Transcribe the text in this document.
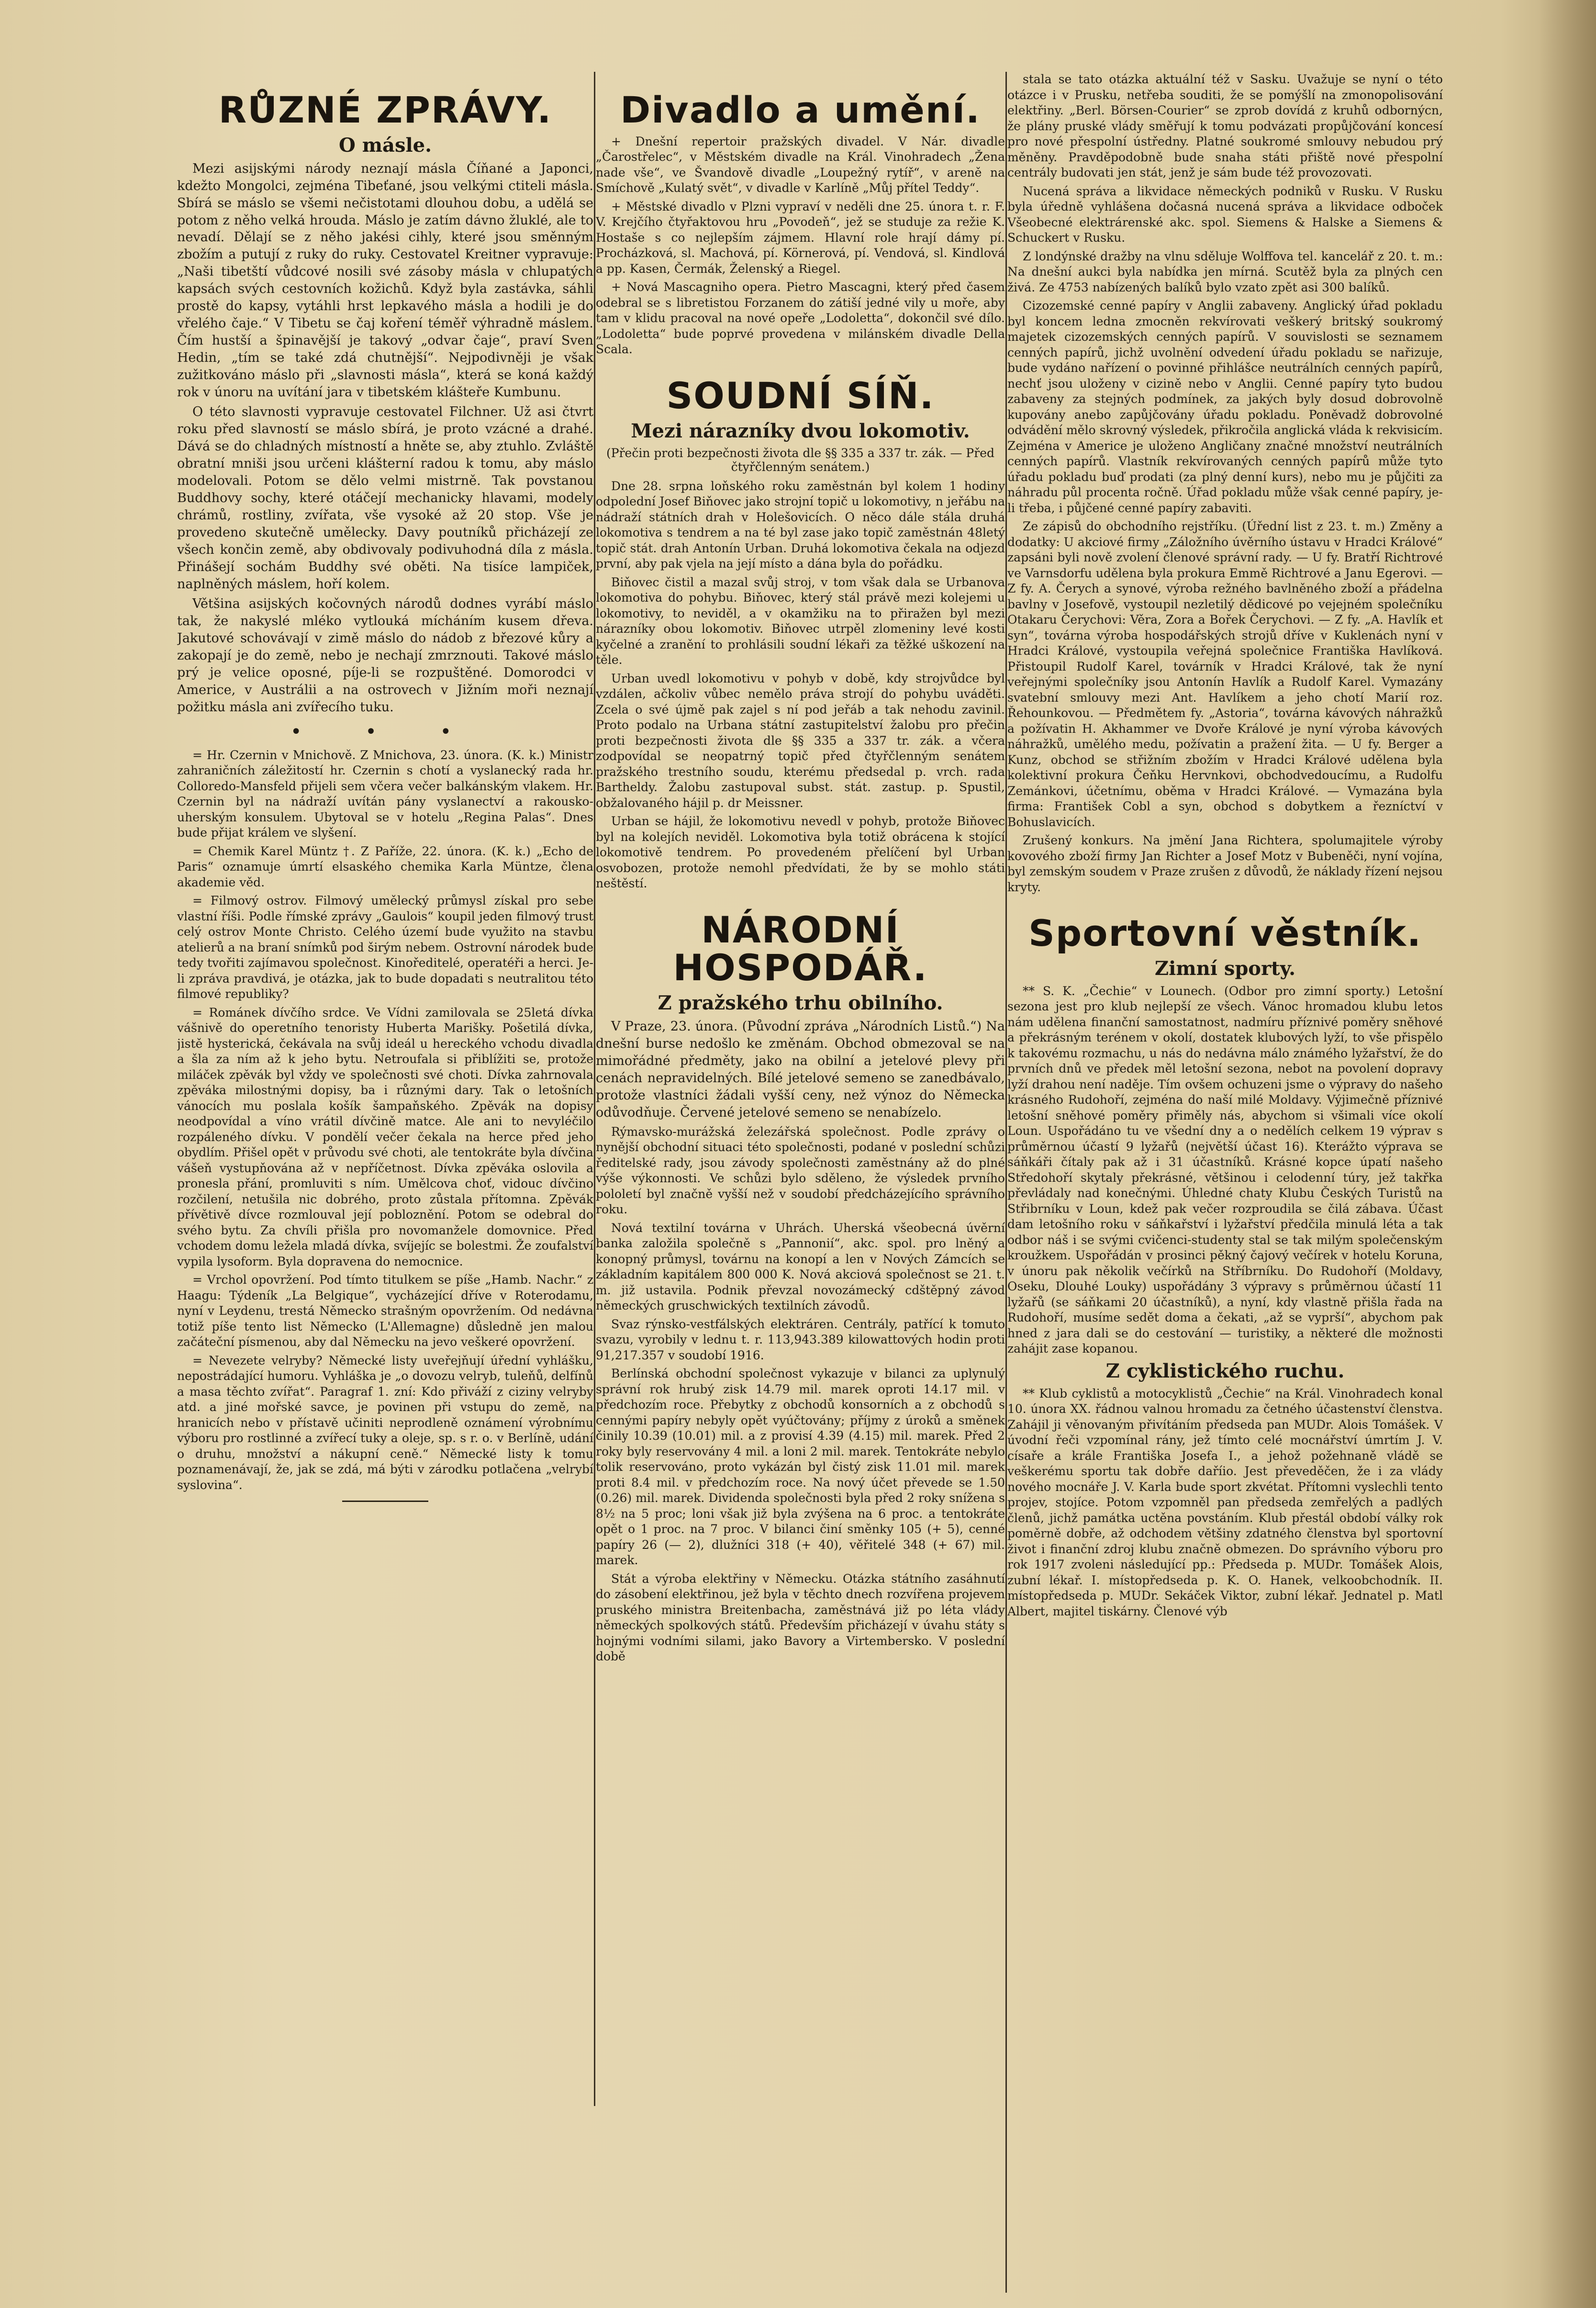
RŮZNÉ ZPRÁVY.
O másle.

Mezi asijskými národy neznají másla Číňané a Japonci, kdežto Mongolci, zejména Tibeťané, jsou velkými ctiteli másla. Sbírá se máslo se všemi nečistotami dlouhou dobu, a udělá se potom z něho velká hrouda. Máslo je zatím dávno žluklé, ale to nevadí. Dělají se z něho jakési cihly, které jsou směnným zbožím a putují z ruky do ruky. Cestovatel Kreitner vypravuje: „Naši tibetští vůdcové nosili své zásoby másla v chlupatých kapsách svých cestovních kožichů. Když byla zastávka, sáhli prostě do kapsy, vytáhli hrst lepkavého másla a hodili je do vřelého čaje.“ V Tibetu se čaj koření téměř výhradně máslem. Čím hustší a špinavější je takový „odvar čaje“, praví Sven Hedin, „tím se také zdá chutnější“. Nejpodivněji je však zužitkováno máslo při „slavnosti másla“, která se koná každý rok v únoru na uvítání jara v tibetském klášteře Kumbunu.

O této slavnosti vypravuje cestovatel Filchner. Už asi čtvrt roku před slavností se máslo sbírá, je proto vzácné a drahé. Dává se do chladných místností a hněte se, aby ztuhlo. Zvláště obratní mniši jsou určeni klášterní radou k tomu, aby máslo modelovali. Potom se dělo velmi mistrně. Tak povstanou Buddhovy sochy, které otáčejí mechanicky hlavami, modely chrámů, rostliny, zvířata, vše vysoké až 20 stop. Vše je provedeno skutečně umělecky. Davy poutníků přicházejí ze všech končin země, aby obdivovaly podivuhodná díla z másla. Přinášejí sochám Buddhy své oběti. Na tisíce lampiček, naplněných máslem, hoří kolem.

Většina asijských kočovných národů dodnes vyrábí máslo tak, že nakyslé mléko vytlouká mícháním kusem dřeva. Jakutové schovávají v zimě máslo do nádob z březové kůry a zakopají je do země, nebo je nechají zmrznouti. Takové máslo prý je velice oposné, píje-li se rozpuštěné. Domorodci v Americe, v Austrálii a na ostrovech v Jižním moři neznají požitku másla ani zvířecího tuku.

• • •

= Hr. Czernin v Mnichově. Z Mnichova, 23. února. (K. k.) Ministr zahraničních záležitostí hr. Czernin s chotí a vyslanecký rada hr. Colloredo-Mansfeld přijeli sem včera večer balkánským vlakem. Hr. Czernin byl na nádraží uvítán pány vyslanectví a rakousko-uherským konsulem. Ubytoval se v hotelu „Regina Palas“. Dnes bude přijat králem ve slyšení.

= Chemik Karel Müntz †. Z Paříže, 22. února. (K. k.) „Echo de Paris“ oznamuje úmrtí elsaského chemika Karla Müntze, člena akademie věd.

= Filmový ostrov. Filmový umělecký průmysl získal pro sebe vlastní říši. Podle římské zprávy „Gaulois“ koupil jeden filmový trust celý ostrov Monte Christo. Celého území bude využito na stavbu atelierů a na braní snímků pod širým nebem. Ostrovní národek bude tedy tvořiti zajímavou společnost. Kinoředitelé, operatéři a herci. Je-li zpráva pravdivá, je otázka, jak to bude dopadati s neutralitou této filmové republiky?

= Románek dívčího srdce. Ve Vídni zamilovala se 25letá dívka vášnivě do operetního tenoristy Huberta Marišky. Pošetilá dívka, jistě hysterická, čekávala na svůj ideál u hereckého vchodu divadla a šla za ním až k jeho bytu. Netroufala si přiblížiti se, protože miláček zpěvák byl vždy ve společnosti své choti. Dívka zahrnovala zpěváka milostnými dopisy, ba i různými dary. Tak o letošních vánocích mu poslala košík šampaňského. Zpěvák na dopisy neodpovídal a víno vrátil dívčině matce. Ale ani to nevyléčilo rozpáleného dívku. V pondělí večer čekala na herce před jeho obydlím. Přišel opět v průvodu své choti, ale tentokráte byla dívčina vášeň vystupňována až v nepříčetnost. Dívka zpěváka oslovila a pronesla přání, promluviti s ním. Umělcova choť, vidouc dívčino rozčilení, netušila nic dobrého, proto zůstala přítomna. Zpěvák přívětivě dívce rozmlouval její pobloznění. Potom se odebral do svého bytu. Za chvíli přišla pro novomanžele domovnice. Před vchodem domu ležela mladá dívka, svíjejíc se bolestmi. Že zoufalství vypila lysoform. Byla dopravena do nemocnice.

= Vrchol opovržení. Pod tímto titulkem se píše „Hamb. Nachr.“ z Haagu: Týdeník „La Belgique“, vycházející dříve v Roterodamu, nyní v Leydenu, trestá Německo strašným opovržením. Od nedávna totiž píše tento list Německo (L'Allemagne) důsledně jen malou začáteční písmenou, aby dal Německu na jevo veškeré opovržení.

= Nevezete velryby? Německé listy uveřejňují úřední vyhlášku, nepostrádající humoru. Vyhláška je „o dovozu velryb, tuleňů, delfínů a masa těchto zvířat“. Paragraf 1. zní: Kdo přiváží z ciziny velryby atd. a jiné mořské savce, je povinen při vstupu do země, na hranicích nebo v přístavě učiniti neprodleně oznámení výrobnímu výboru pro rostlinné a zvířecí tuky a oleje, sp. s r. o. v Berlíně, udání o druhu, množství a nákupní ceně.“ Německé listy k tomu poznamenávají, že, jak se zdá, má býti v zárodku potlačena „velrybí syslovina“.

Divadlo a umění.

+ Dnešní repertoir pražských divadel. V Nár. divadle „Čarostřelec“, v Městském divadle na Král. Vinohradech „Žena nade vše“, ve Švandově divadle „Loupežný rytíř“, v areně na Smíchově „Kulatý svět“, v divadle v Karlíně „Můj přítel Teddy“.

+ Městské divadlo v Plzni vypraví v neděli dne 25. února t. r. F. V. Krejčího čtyřaktovou hru „Povodeň“, jež se studuje za režie K. Hostaše s co nejlepším zájmem. Hlavní role hrají dámy pí. Procházková, sl. Machová, pí. Körnerová, pí. Vendová, sl. Kindlová a pp. Kasen, Čermák, Želenský a Riegel.

+ Nová Mascagniho opera. Pietro Mascagni, který před časem odebral se s libretistou Forzanem do zátiší jedné vily u moře, aby tam v klidu pracoval na nové opeře „Lodoletta“, dokončil své dílo. „Lodoletta“ bude poprvé provedena v milánském divadle Della Scala.

SOUDNÍ SÍŇ.
Mezi nárazníky dvou lokomotiv.
(Přečin proti bezpečnosti života dle §§ 335 a 337 tr. zák. — Před čtyřčlenným senátem.)

Dne 28. srpna loňského roku zaměstnán byl kolem 1 hodiny odpolední Josef Biňovec jako strojní topič u lokomotivy, n jeřábu na nádraží státních drah v Holešovicích. O něco dále stála druhá lokomotiva s tendrem a na té byl zase jako topič zaměstnán 48letý topič stát. drah Antonín Urban. Druhá lokomotiva čekala na odjezd první, aby pak vjela na její místo a dána byla do pořádku.

Biňovec čistil a mazal svůj stroj, v tom však dala se Urbanova lokomotiva do pohybu. Biňovec, který stál právě mezi kolejemi u lokomotivy, to neviděl, a v okamžiku na to přiražen byl mezi nárazníky obou lokomotiv. Biňovec utrpěl zlomeniny levé kosti kyčelné a zranění to prohlásili soudní lékaři za těžké uškození na těle.

Urban uvedl lokomotivu v pohyb v době, kdy strojvůdce byl vzdálen, ačkoliv vůbec nemělo práva strojí do pohybu uváděti. Zcela o své újmě pak zajel s ní pod jeřáb a tak nehodu zavinil. Proto podalo na Urbana státní zastupitelství žalobu pro přečin proti bezpečnosti života dle §§ 335 a 337 tr. zák. a včera zodpovídal se neopatrný topič před čtyřčlenným senátem pražského trestního soudu, kterému předsedal p. vrch. rada Bartheldy. Žalobu zastupoval subst. stát. zastup. p. Spustil, obžalovaného hájil p. dr Meissner.

Urban se hájil, že lokomotivu nevedl v pohyb, protože Biňovec byl na kolejích neviděl. Lokomotiva byla totiž obrácena k stojící lokomotivě tendrem. Po provedeném přelíčení byl Urban osvobozen, protože nemohl předvídati, že by se mohlo státi neštěstí.

NÁRODNÍ HOSPODÁŘ.
Z pražského trhu obilního.

V Praze, 23. února. (Původní zpráva „Národních Listů.“) Na dnešní burse nedošlo ke změnám. Obchod obmezoval se na mimořádné předměty, jako na obilní a jetelové plevy při cenách nepravidelných. Bílé jetelové semeno se zanedbávalo, protože vlastníci žádali vyšší ceny, než výnoz do Německa odůvodňuje. Červené jetelové semeno se nenabízelo.

Rýmavsko-murážská železářská společnost. Podle zprávy o nynější obchodní situaci této společnosti, podané v poslední schůzi ředitelské rady, jsou závody společnosti zaměstnány až do plné výše výkonnosti. Ve schůzi bylo sděleno, že výsledek prvního pololetí byl značně vyšší než v soudobí předcházejícího správního roku.

Nová textilní továrna v Uhrách. Uherská všeobecná úvěrní banka založila společně s „Pannonií“, akc. spol. pro lněný a konopný průmysl, továrnu na konopí a len v Nových Zámcích se základním kapitálem 800 000 K. Nová akciová společnost se 21. t. m. již ustavila. Podnik převzal novozámecký cdštěpný závod německých gruschwických textilních závodů.

Svaz rýnsko-vestfálských elektráren. Centrály, patřící k tomuto svazu, vyrobily v lednu t. r. 113,943.389 kilowattových hodin proti 91,217.357 v soudobí 1916.

Berlínská obchodní společnost vykazuje v bilanci za uplynulý správní rok hrubý zisk 14.79 mil. marek oproti 14.17 mil. v předchozím roce. Přebytky z obchodů konsorních a z obchodů s cennými papíry nebyly opět vyúčtovány; příjmy z úroků a směnek činily 10.39 (10.01) mil. a z provisí 4.39 (4.15) mil. marek. Před 2 roky byly reservovány 4 mil. a loni 2 mil. marek. Tentokráte nebylo tolik reservováno, proto vykázán byl čistý zisk 11.01 mil. marek proti 8.4 mil. v předchozím roce. Na nový účet převede se 1.50 (0.26) mil. marek. Dividenda společnosti byla před 2 roky snížena s 8½ na 5 proc; loni však již byla zvýšena na 6 proc. a tentokráte opět o 1 proc. na 7 proc. V bilanci činí směnky 105 (+ 5), cenné papíry 26 (— 2), dlužníci 318 (+ 40), věřitelé 348 (+ 67) mil. marek.

Stát a výroba elektřiny v Německu. Otázka státního zasáhnutí do zásobení elektřinou, jež byla v těchto dnech rozvířena projevem pruského ministra Breitenbacha, zaměstnává již po léta vlády německých spolkových států. Především přicházejí v úvahu státy s hojnými vodními silami, jako Bavory a Virtembersko. V poslední době

stala se tato otázka aktuální též v Sasku. Uvažuje se nyní o této otázce i v Prusku, netřeba souditi, že se pomýšlí na zmonopolisování elektřiny. „Berl. Börsen-Courier“ se zprob dovídá z kruhů odbornýcn, že plány pruské vlády směřují k tomu podvázati propůjčování koncesí pro nové přespolní ústředny. Platné soukromé smlouvy nebudou prý měněny. Pravděpodobně bude snaha státi přiště nové přespolní centrály budovati jen stát, jenž je sám bude též provozovati.

Nucená správa a likvidace německých podniků v Rusku. V Rusku byla úředně vyhlášena dočasná nucená správa a likvidace odboček Všeobecné elektrárenské akc. spol. Siemens & Halske a Siemens & Schuckert v Rusku.

Z londýnské dražby na vlnu sděluje Wolffova tel. kancelář z 20. t. m.: Na dnešní aukci byla nabídka jen mírná. Scutěž byla za plných cen živá. Ze 4753 nabízených balíků bylo vzato zpět asi 300 balíků.

Cizozemské cenné papíry v Anglii zabaveny. Anglický úřad pokladu byl koncem ledna zmocněn rekvírovati veškerý britský soukromý majetek cizozemských cenných papírů. V souvislosti se seznamem cenných papírů, jichž uvolnění odvedení úřadu pokladu se nařizuje, bude vydáno nařízení o povinné přihlášce neutrálních cenných papírů, nechť jsou uloženy v cizině nebo v Anglii. Cenné papíry tyto budou zabaveny za stejných podmínek, za jakých byly dosud dobrovolně kupovány anebo zapůjčovány úřadu pokladu. Poněvadž dobrovolné odvádění mělo skrovný výsledek, přikročila anglická vláda k rekvisicím. Zejména v Americe je uloženo Angličany značné množství neutrálních cenných papírů. Vlastník rekvírovaných cenných papírů může tyto úřadu pokladu buď prodati (za plný denní kurs), nebo mu je půjčiti za náhradu půl procenta ročně. Úřad pokladu může však cenné papíry, je-li třeba, i půjčené cenné papíry zabaviti.

Ze zápisů do obchodního rejstříku. (Úřední list z 23. t. m.) Změny a dodatky: U akciové firmy „Záložního úvěrního ústavu v Hradci Králové“ zapsáni byli nově zvolení členové správní rady. — U fy. Bratří Richtrové ve Varnsdorfu udělena byla prokura Emmě Richtrové a Janu Egerovi. — Z fy. A. Čerych a synové, výroba režného bavlněného zboží a přádelna bavlny v Josefově, vystoupil nezletilý dědicové po vejejném společníku Otakaru Čerychovi: Věra, Zora a Bořek Čerychovi. — Z fy. „A. Havlík et syn“, továrna výroba hospodářských strojů dříve v Kuklenách nyní v Hradci Králové, vystoupila veřejná společnice Františka Havlíková. Přistoupil Rudolf Karel, továrník v Hradci Králové, tak že nyní veřejnými společníky jsou Antonín Havlík a Rudolf Karel. Vymazány svatební smlouvy mezi Ant. Havlíkem a jeho chotí Marií roz. Řehounkovou. — Předmětem fy. „Astoria“, továrna kávových náhražků a požívatin H. Akhammer ve Dvoře Králové je nyní výroba kávových náhražků, umělého medu, požívatin a pražení žita. — U fy. Berger a Kunz, obchod se střižním zbožím v Hradci Králové udělena byla kolektivní prokura Čeňku Hervnkovi, obchodvedoucímu, a Rudolfu Zemánkovi, účetnímu, oběma v Hradci Králové. — Vymazána byla firma: František Cobl a syn, obchod s dobytkem a řezníctví v Bohuslavicích.

Zrušený konkurs. Na jmění Jana Richtera, spolumajitele výroby kovového zboží firmy Jan Richter a Josef Motz v Bubeněči, nyní vojína, byl zemským soudem v Praze zrušen z důvodů, že náklady řízení nejsou kryty.

Sportovní věstník.
Zimní sporty.

** S. K. „Čechie“ v Lounech. (Odbor pro zimní sporty.) Letošní sezona jest pro klub nejlepší ze všech. Vánoc hromadou klubu letos nám udělena finanční samostatnost, nadmíru příznivé poměry sněhové a překrásným terénem v okolí, dostatek klubových lyží, to vše přispělo k takovému rozmachu, u nás do nedávna málo známého lyžařství, že do prvních dnů ve předek měl letošní sezona, nebot na povolení dopravy lyží drahou není naděje. Tím ovšem ochuzeni jsme o výpravy do našeho krásného Rudohoří, zejména do naší milé Moldavy. Výjimečně příznivé letošní sněhové poměry přiměly nás, abychom si všimali více okolí Loun. Uspořádáno tu ve všední dny a o nedělích celkem 19 výprav s průměrnou účastí 9 lyžařů (největší účast 16). Kterážto výprava se sáňkáři čítaly pak až i 31 účastníků. Krásné kopce úpatí našeho Středohoří skytaly překrásné, většinou i celodenní túry, jež takřka převládaly nad konečnými. Úhledné chaty Klubu Českých Turistů na Střibrníku v Loun, kdež pak večer rozproudila se čilá zábava. Účast dam letošního roku v sáňkařství i lyžařství předčila minulá léta a tak odbor náš i se svými cvičenci-studenty stal se tak milým společenským kroužkem. Uspořádán v prosinci pěkný čajový večírek v hotelu Koruna, v únoru pak několik večírků na Stříbrníku. Do Rudohoří (Moldavy, Oseku, Dlouhé Louky) uspořádány 3 výpravy s průměrnou účastí 11 lyžařů (se sáňkami 20 účastníků), a nyní, kdy vlastně přišla řada na Rudohoří, musíme sedět doma a čekati, „až se vyprší“, abychom pak hned z jara dali se do cestování — turistiky, a některé dle možnosti zahájit zase kopanou.

Z cyklistického ruchu.

** Klub cyklistů a motocyklistů „Čechie“ na Král. Vinohradech konal 10. února XX. řádnou valnou hromadu za četného účastenství členstva. Zahájil ji věnovaným přivítáním předseda pan MUDr. Alois Tomášek. V úvodní řeči vzpomínal rány, jež tímto celé mocnářství úmrtím J. V. císaře a krále Františka Josefa I., a jehož požehnaně vládě se veškerému sportu tak dobře daříio. Jest převeděčen, že i za vlády nového mocnáře J. V. Karla bude sport zkvétat. Přítomni vyslechli tento projev, stojíce. Potom vzpomněl pan předseda zemřelých a padlých členů, jichž památka uctěna povstáním. Klub přestál období války rok poměrně dobře, až odchodem většiny zdatného členstva byl sportovní život i finanční zdroj klubu značně obmezen. Do správního výboru pro rok 1917 zvoleni následující pp.: Předseda p. MUDr. Tomášek Alois, zubní lékař. I. místopředseda p. K. O. Hanek, velkoobchodník. II. místopředseda p. MUDr. Sekáček Viktor, zubní lékař. Jednatel p. Matl Albert, majitel tiskárny. Členové výb
